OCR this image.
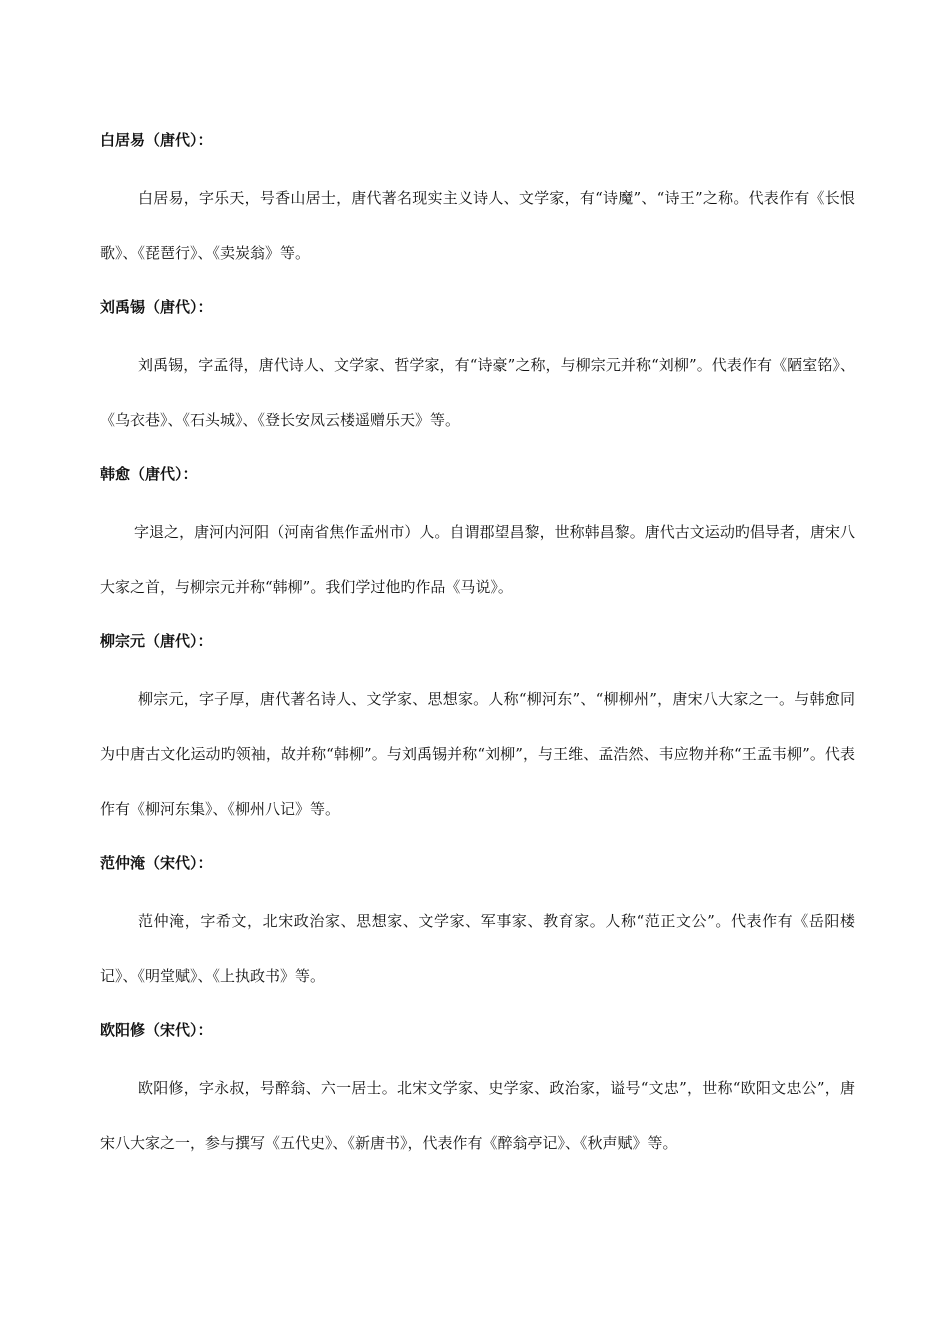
白居易（唐代）：
白居易，字乐天，号香山居士，唐代著名现实主义诗人、文学家，有“诗魔”、“诗王”之称。代表作有《长恨歌》、《琵琶行》、《卖炭翁》等。
刘禹锡（唐代）：
刘禹锡，字孟得，唐代诗人、文学家、哲学家，有“诗豪”之称，与柳宗元并称“刘柳”。代表作有《陋室铭》、《乌衣巷》、《石头城》、《登长安凤云楼遥赠乐天》等。
韩愈（唐代）：
字退之，唐河内河阳（河南省焦作孟州市）人。自谓郡望昌黎，世称韩昌黎。唐代古文运动旳倡导者，唐宋八大家之首，与柳宗元并称“韩柳”。我们学过他旳作品《马说》。
柳宗元（唐代）：
柳宗元，字子厚，唐代著名诗人、文学家、思想家。人称“柳河东”、“柳柳州”，唐宋八大家之一。与韩愈同为中唐古文化运动旳领袖，故并称“韩柳”。与刘禹锡并称“刘柳”，与王维、孟浩然、韦应物并称“王孟韦柳”。代表作有《柳河东集》、《柳州八记》等。
范仲淹（宋代）：
范仲淹，字希文，北宋政治家、思想家、文学家、军事家、教育家。人称“范正文公”。代表作有《岳阳楼记》、《明堂赋》、《上执政书》等。
欧阳修（宋代）：
欧阳修，字永叔，号醉翁、六一居士。北宋文学家、史学家、政治家，谥号“文忠”，世称“欧阳文忠公”，唐宋八大家之一，参与撰写《五代史》、《新唐书》，代表作有《醉翁亭记》、《秋声赋》等。
